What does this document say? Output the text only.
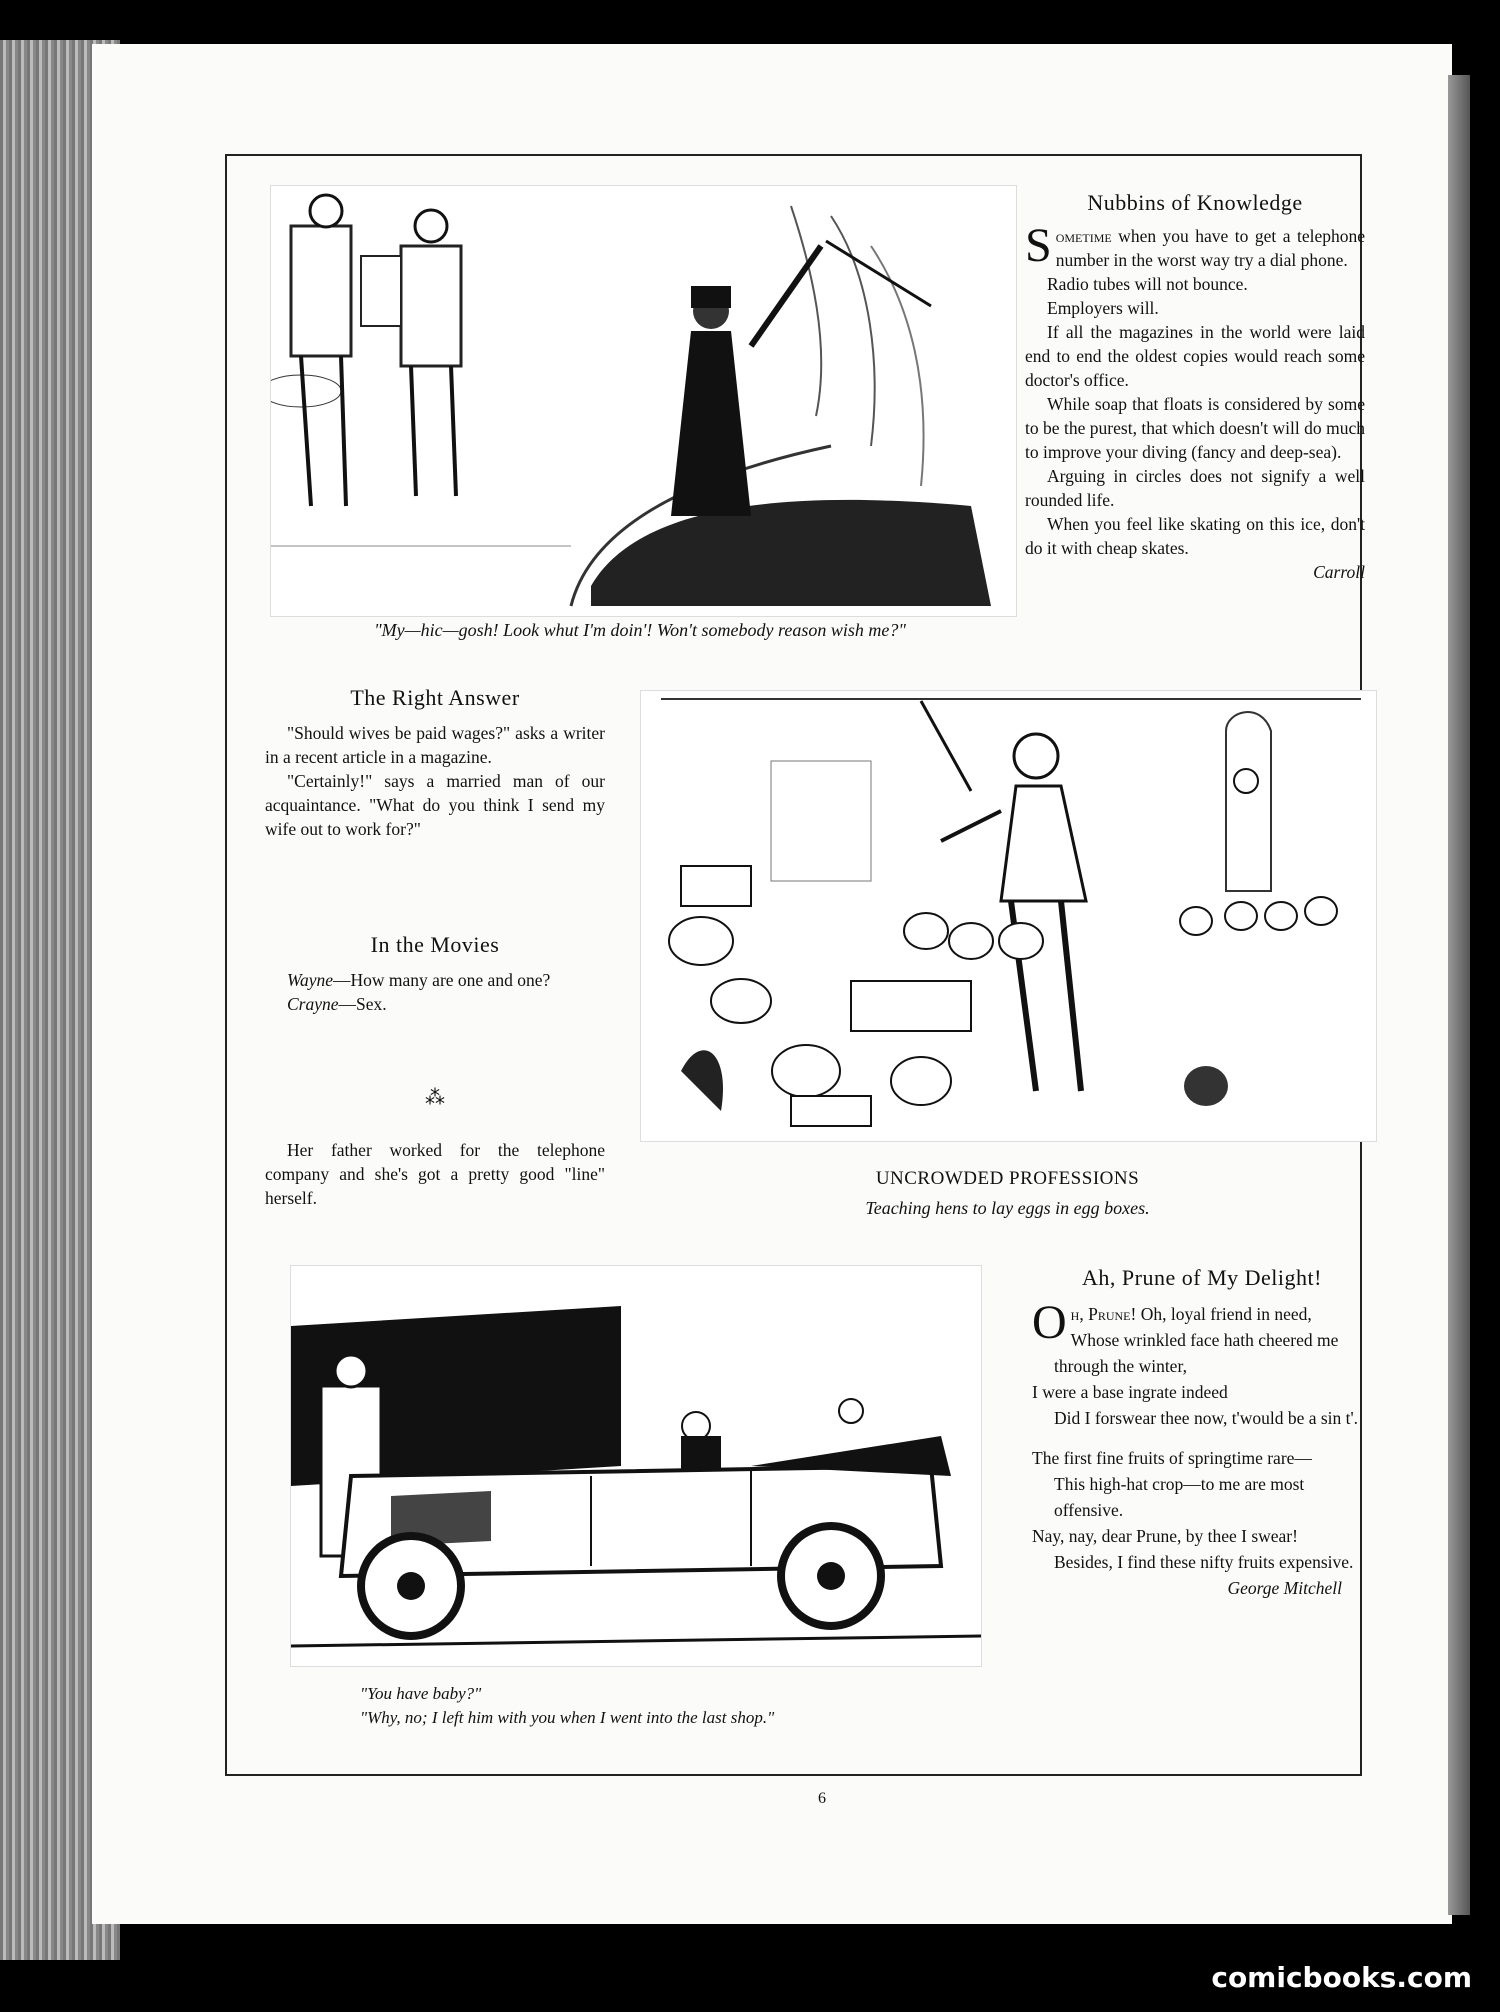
"My—hic—gosh! Look whut I'm doin'! Won't somebody reason wish me?"
Nubbins of Knowledge

Sometime when you have to get a telephone number in the worst way try a dial phone.

Radio tubes will not bounce.

Employers will.

If all the magazines in the world were laid end to end the oldest copies would reach some doctor's office.

While soap that floats is considered by some to be the purest, that which doesn't will do much to improve your diving (fancy and deep-sea).

Arguing in circles does not signify a well rounded life.

When you feel like skating on this ice, don't do it with cheap skates.

Carroll

The Right Answer

"Should wives be paid wages?" asks a writer in a recent article in a magazine.

"Certainly!" says a married man of our acquaintance. "What do you think I send my wife out to work for?"

In the Movies

Wayne—How many are one and one?

Crayne—Sex.

⁂

Her father worked for the telephone company and she's got a pretty good "line" herself.

UNCROWDED PROFESSIONS
Teaching hens to lay eggs in egg boxes.
"You have baby?"
"Why, no; I left him with you when I went into the last shop."
Ah, Prune of My Delight!

Oh, Prune! Oh, loyal friend in need,

Whose wrinkled face hath cheered me through the winter,

I were a base ingrate indeed

Did I forswear thee now, t'would be a sin t'.

The first fine fruits of springtime rare—

This high-hat crop—to me are most offensive.

Nay, nay, dear Prune, by thee I swear!

Besides, I find these nifty fruits expensive.

George Mitchell

6
comicbooks.com
